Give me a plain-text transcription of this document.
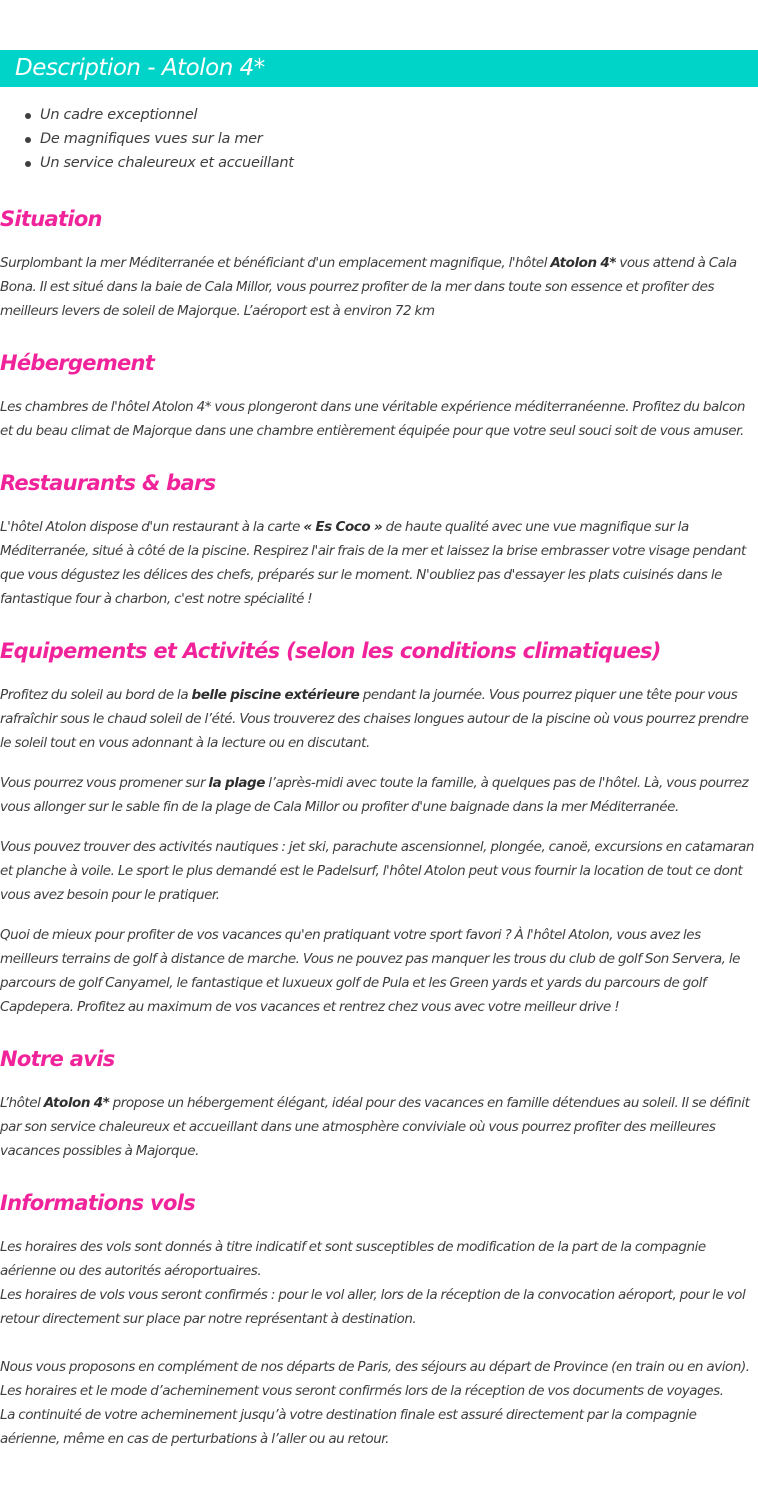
Description - Atolon 4*
Un cadre exceptionnel
De magnifiques vues sur la mer
Un service chaleureux et accueillant
Situation

Surplombant la mer Méditerranée et bénéficiant d'un emplacement magnifique, l'hôtel Atolon 4* vous attend à Cala Bona. Il est situé dans la baie de Cala Millor, vous pourrez profiter de la mer dans toute son essence et profiter des meilleurs levers de soleil de Majorque. L’aéroport est à environ 72 km

Hébergement

Les chambres de l'hôtel Atolon 4* vous plongeront dans une véritable expérience méditerranéenne. Profitez du balcon et du beau climat de Majorque dans une chambre entièrement équipée pour que votre seul souci soit de vous amuser.

Restaurants & bars

L'hôtel Atolon dispose d'un restaurant à la carte « Es Coco » de haute qualité avec une vue magnifique sur la Méditerranée, situé à côté de la piscine. Respirez l'air frais de la mer et laissez la brise embrasser votre visage pendant que vous dégustez les délices des chefs, préparés sur le moment. N'oubliez pas d'essayer les plats cuisinés dans le fantastique four à charbon, c'est notre spécialité !

Equipements et Activités (selon les conditions climatiques)

Profitez du soleil au bord de la belle piscine extérieure pendant la journée. Vous pourrez piquer une tête pour vous rafraîchir sous le chaud soleil de l’été. Vous trouverez des chaises longues autour de la piscine où vous pourrez prendre le soleil tout en vous adonnant à la lecture ou en discutant.

Vous pourrez vous promener sur la plage l’après-midi avec toute la famille, à quelques pas de l'hôtel. Là, vous pourrez vous allonger sur le sable fin de la plage de Cala Millor ou profiter d'une baignade dans la mer Méditerranée.

Vous pouvez trouver des activités nautiques : jet ski, parachute ascensionnel, plongée, canoë, excursions en catamaran et planche à voile. Le sport le plus demandé est le Padelsurf, l'hôtel Atolon peut vous fournir la location de tout ce dont vous avez besoin pour le pratiquer.

Quoi de mieux pour profiter de vos vacances qu'en pratiquant votre sport favori ? À l'hôtel Atolon, vous avez les meilleurs terrains de golf à distance de marche. Vous ne pouvez pas manquer les trous du club de golf Son Servera, le parcours de golf Canyamel, le fantastique et luxueux golf de Pula et les Green yards et yards du parcours de golf Capdepera. Profitez au maximum de vos vacances et rentrez chez vous avec votre meilleur drive !

Notre avis

L’hôtel Atolon 4* propose un hébergement élégant, idéal pour des vacances en famille détendues au soleil. Il se définit par son service chaleureux et accueillant dans une atmosphère conviviale où vous pourrez profiter des meilleures vacances possibles à Majorque.

Informations vols

Les horaires des vols sont donnés à titre indicatif et sont susceptibles de modification de la part de la compagnie aérienne ou des autorités aéroportuaires.

Les horaires de vols vous seront confirmés : pour le vol aller, lors de la réception de la convocation aéroport, pour le vol retour directement sur place par notre représentant à destination.

Nous vous proposons en complément de nos départs de Paris, des séjours au départ de Province (en train ou en avion).

Les horaires et le mode d’acheminement vous seront confirmés lors de la réception de vos documents de voyages.

La continuité de votre acheminement jusqu’à votre destination finale est assuré directement par la compagnie aérienne, même en cas de perturbations à l’aller ou au retour.
